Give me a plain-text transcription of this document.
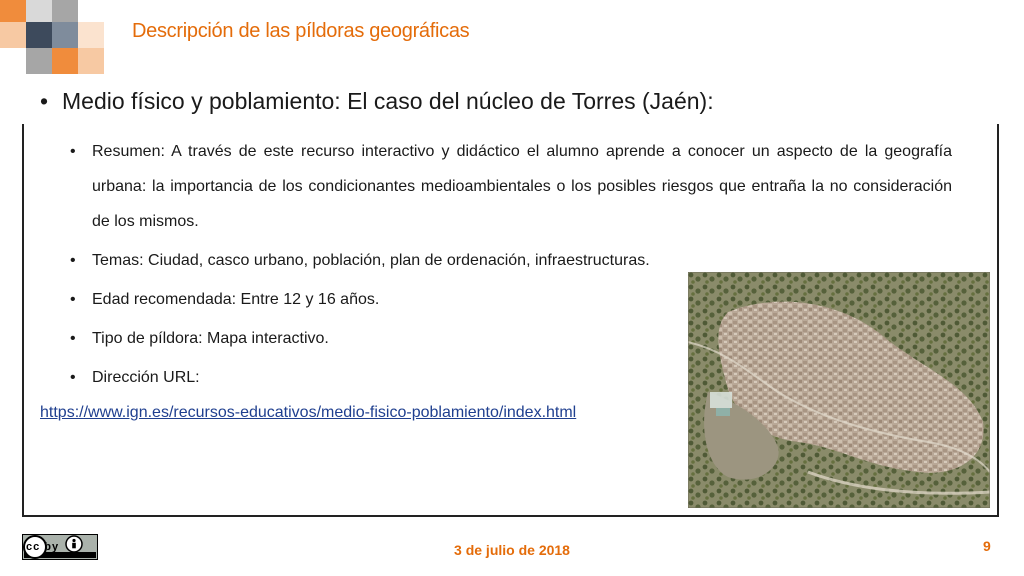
Descripción de las píldoras geográficas
• Medio físico y poblamiento: El caso del núcleo de Torres (Jaén):
• Resumen: A través de este recurso interactivo y didáctico el alumno aprende a conocer un aspecto de la geografía urbana: la importancia de los condicionantes medioambientales o los posibles riesgos que entraña la no consideración de los mismos.
• Temas: Ciudad, casco urbano, población, plan de ordenación, infraestructuras.
• Edad recomendada: Entre 12 y 16 años.
• Tipo de píldora: Mapa interactivo.
• Dirección URL:
https://www.ign.es/recursos-educativos/medio-fisico-poblamiento/index.html
cc by	3 de julio de 2018	9
